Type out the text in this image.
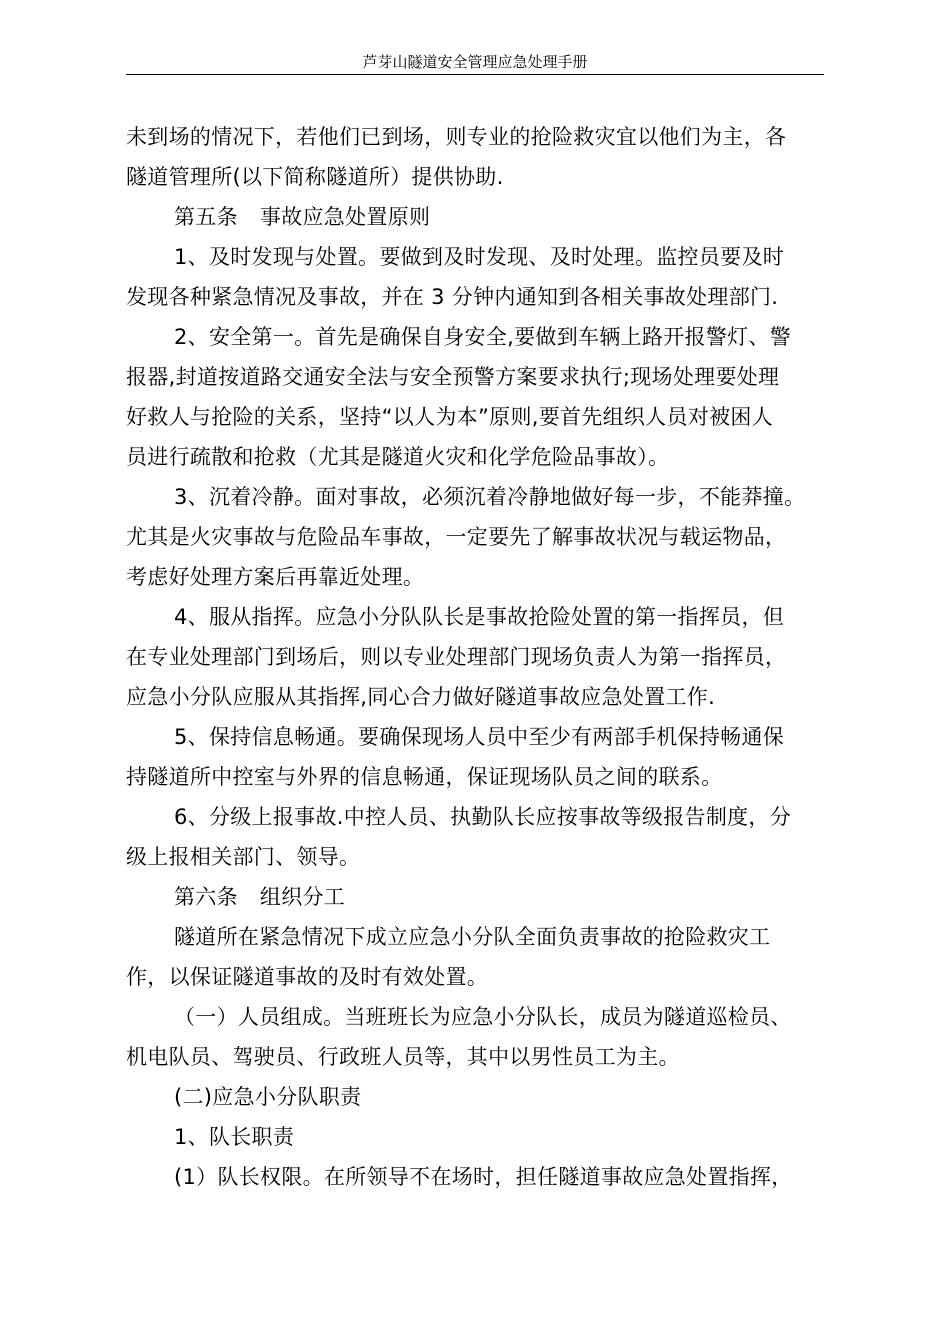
芦芽山隧道安全管理应急处理手册
未到场的情况下，若他们已到场，则专业的抢险救灾宜以他们为主，各
隧道管理所(以下简称隧道所）提供协助.
第五条 事故应急处置原则
1、及时发现与处置。要做到及时发现、及时处理。监控员要及时
发现各种紧急情况及事故，并在 3 分钟内通知到各相关事故处理部门.
2、安全第一。首先是确保自身安全,要做到车辆上路开报警灯、警
报器,封道按道路交通安全法与安全预警方案要求执行;现场处理要处理
好救人与抢险的关系，坚持“以人为本”原则,要首先组织人员对被困人
员进行疏散和抢救（尤其是隧道火灾和化学危险品事故）。
3、沉着冷静。面对事故，必须沉着冷静地做好每一步，不能莽撞。
尤其是火灾事故与危险品车事故，一定要先了解事故状况与载运物品，
考虑好处理方案后再靠近处理。
4、服从指挥。应急小分队队长是事故抢险处置的第一指挥员，但
在专业处理部门到场后，则以专业处理部门现场负责人为第一指挥员，
应急小分队应服从其指挥,同心合力做好隧道事故应急处置工作.
5、保持信息畅通。要确保现场人员中至少有两部手机保持畅通保
持隧道所中控室与外界的信息畅通，保证现场队员之间的联系。
6、分级上报事故.中控人员、执勤队长应按事故等级报告制度，分
级上报相关部门、领导。
第六条 组织分工
隧道所在紧急情况下成立应急小分队全面负责事故的抢险救灾工
作，以保证隧道事故的及时有效处置。
（一）人员组成。当班班长为应急小分队长，成员为隧道巡检员、
机电队员、驾驶员、行政班人员等，其中以男性员工为主。
(二)应急小分队职责
1、队长职责
(1）队长权限。在所领导不在场时，担任隧道事故应急处置指挥，
